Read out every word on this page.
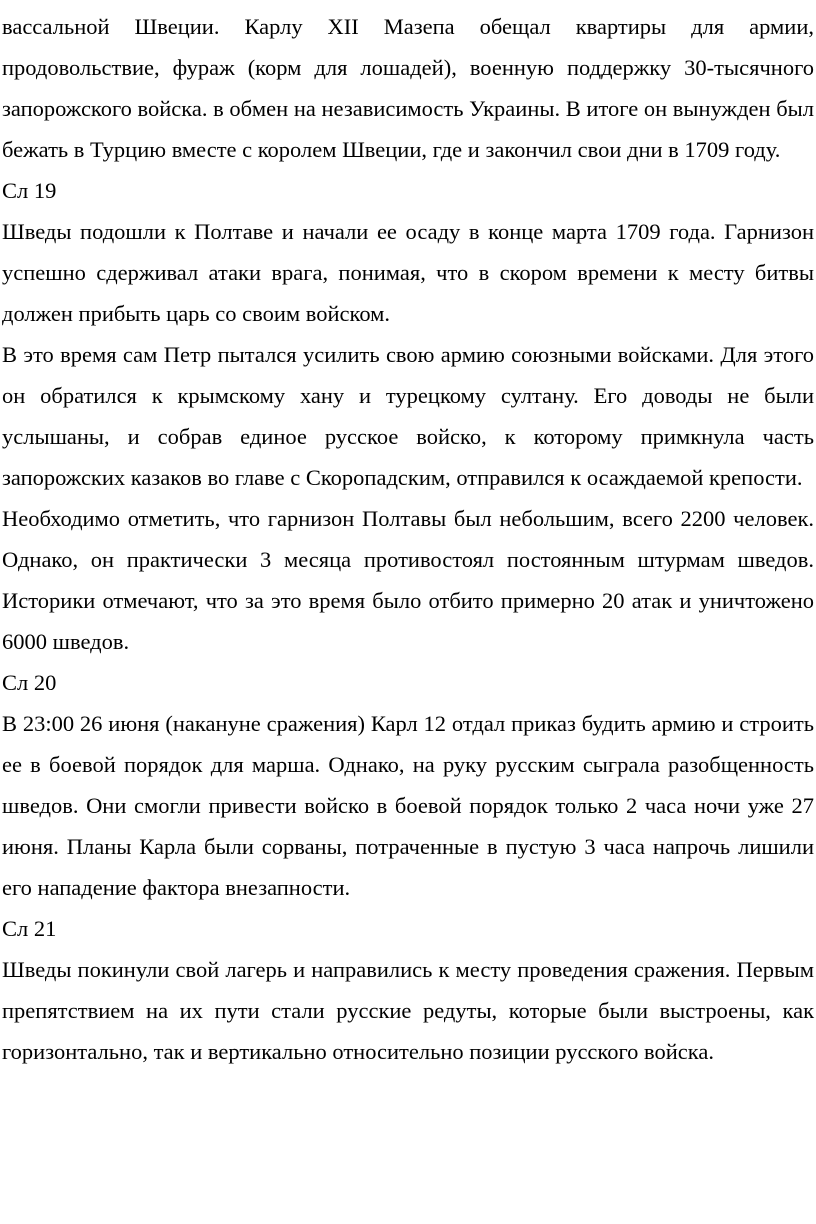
вассальной Швеции. Карлу XII Мазепа обещал квартиры для армии, продовольствие, фураж (корм для лошадей), военную поддержку 30-тысячного запорожского войска. в обмен на независимость Украины. В итоге он вынужден был бежать в Турцию вместе с королем Швеции, где и закончил свои дни в 1709 году.

Сл 19

Шведы подошли к Полтаве и начали ее осаду в конце марта 1709 года. Гарнизон успешно сдерживал атаки врага, понимая, что в скором времени к месту битвы должен прибыть царь со своим войском.

В это время сам Петр пытался усилить свою армию союзными войсками. Для этого он обратился к крымскому хану и турецкому султану. Его доводы не были услышаны, и собрав единое русское войско, к которому примкнула часть запорожских казаков во главе с Скоропадским, отправился к осаждаемой крепости.

Необходимо отметить, что гарнизон Полтавы был небольшим, всего 2200 человек. Однако, он практически 3 месяца противостоял постоянным штурмам шведов. Историки отмечают, что за это время было отбито примерно 20 атак и уничтожено 6000 шведов.

Сл 20

В 23:00 26 июня (накануне сражения) Карл 12 отдал приказ будить армию и строить ее в боевой порядок для марша. Однако, на руку русским сыграла разобщенность шведов. Они смогли привести войско в боевой порядок только 2 часа ночи уже 27 июня. Планы Карла были сорваны, потраченные в пустую 3 часа напрочь лишили его нападение фактора внезапности.

Сл 21

Шведы покинули свой лагерь и направились к месту проведения сражения. Первым препятствием на их пути стали русские редуты, которые были выстроены, как горизонтально, так и вертикально относительно позиции русского войска.
